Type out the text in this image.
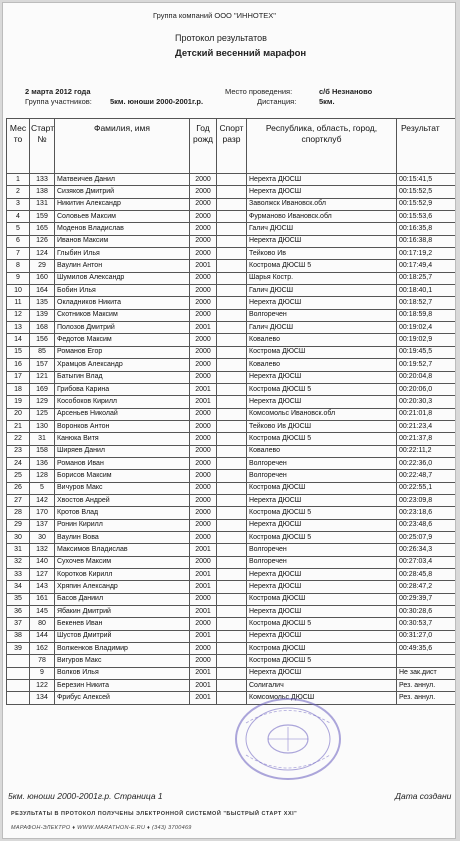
Группа компаний ООО "ИННОТЕХ"
Протокол результатов
Детский весенний марафон
2 марта 2012 года
Группа участников: 5км. юноши 2000-2001г.р.
Место проведения:	с/б Незнаново
Дистанция:	5км.
Мес то	Старт №	Фамилия, имя	Год рожд	Спорт разр	Республика, область, город, спортклуб	Результат
1	133	Матвеичев Данил	2000		Нерехта ДЮСШ	00:15:41,5
2	138	Сизяков Дмитрий	2000		Нерехта ДЮСШ	00:15:52,5
3	131	Никитин Александр	2000		Заволжск Ивановск.обл	00:15:52,9
4	159	Соловьев Максим	2000		Фурманово Ивановск.обл	00:15:53,6
5	165	Моденов Владислав	2000		Галич ДЮСШ	00:16:35,8
6	126	Иванов Максим	2000		Нерехта ДЮСШ	00:16:38,8
7	124	Глыбин Илья	2000		Тейково Ив	00:17:19,2
8	29	Ваулин Антон	2001		Кострома ДЮСШ 5	00:17:49,4
9	160	Шумилов Александр	2000		Шарья Костр.	00:18:25,7
10	164	Бобин Илья	2000		Галич ДЮСШ	00:18:40,1
11	135	Окладников Никита	2000		Нерехта ДЮСШ	00:18:52,7
12	139	Скотников Максим	2000		Волгоречен	00:18:59,8
13	168	Полозов Дмитрий	2001		Галич ДЮСШ	00:19:02,4
14	156	Федотов Максим	2000		Ковалево	00:19:02,9
15	85	Романов Егор	2000		Кострома ДЮСШ	00:19:45,5
16	157	Храмцов Александр	2000		Ковалево	00:19:52,7
17	121	Батыгин Влад	2000		Нерехта ДЮСШ	00:20:04,8
18	169	Грибова Карина	2001		Кострома ДЮСШ 5	00:20:06,0
19	129	Кособоков Кирилл	2001		Нерехта ДЮСШ	00:20:30,3
20	125	Арсеньев Николай	2000		Комсомольс Ивановск.обл	00:21:01,8
21	130	Воронков Антон	2000		Тейково Ив ДЮСШ	00:21:23,4
22	31	Канюка Витя	2000		Кострома ДЮСШ 5	00:21:37,8
23	158	Ширяев Данил	2000		Ковалево	00:22:11,2
24	136	Романов Иван	2000		Волгоречен	00:22:36,0
25	128	Борисов Максим	2000		Волгоречен	00:22:48,7
26	5	Вичуров Макс	2000		Кострома ДЮСШ	00:22:55,1
27	142	Хвостов Андрей	2000		Нерехта ДЮСШ	00:23:09,8
28	170	Кротов Влад	2000		Кострома ДЮСШ 5	00:23:18,6
29	137	Ронин Кирилл	2000		Нерехта ДЮСШ	00:23:48,6
30	30	Ваулин Вова	2000		Кострома ДЮСШ 5	00:25:07,9
31	132	Максимов Владислав	2001		Волгоречен	00:26:34,3
32	140	Сухочев Максим	2000		Волгоречен	00:27:03,4
33	127	Коротков Кирилл	2001		Нерехта ДЮСШ	00:28:45,8
34	143	Хряпин Александр	2001		Нерехта ДЮСШ	00:28:47,2
35	161	Басов Даниил	2000		Кострома ДЮСШ	00:29:39,7
36	145	Ябакин Дмитрий	2001		Нерехта ДЮСШ	00:30:28,6
37	80	Бекенев Иван	2000		Кострома ДЮСШ 5	00:30:53,7
38	144	Шустов Дмитрий	2001		Нерехта ДЮСШ	00:31:27,0
39	162	Волженков Владимир	2000		Кострома ДЮСШ	00:49:35,6
	78	Вигуров Макс	2000		Кострома ДЮСШ 5	
	9	Волков Илья	2001		Нерехта ДЮСШ	Не зак.дист
	122	Березин Никита	2001		Солигалич	Рез. аннул.
	134	Фрибус Алексей	2001		Комсомольс ДЮСШ	Рез. аннул.
5км. юноши 2000-2001г.р. Страница 1	Дата создани
РЕЗУЛЬТАТЫ В ПРОТОКОЛ ПОЛУЧЕНЫ ЭЛЕКТРОННОЙ СИСТЕМОЙ "БЫСТРЫЙ СТАРТ ХХI"
МАРАФОН-ЭЛЕКТРО ♦ WWW.MARATHON-E.RU ♦ (343) 3700469
